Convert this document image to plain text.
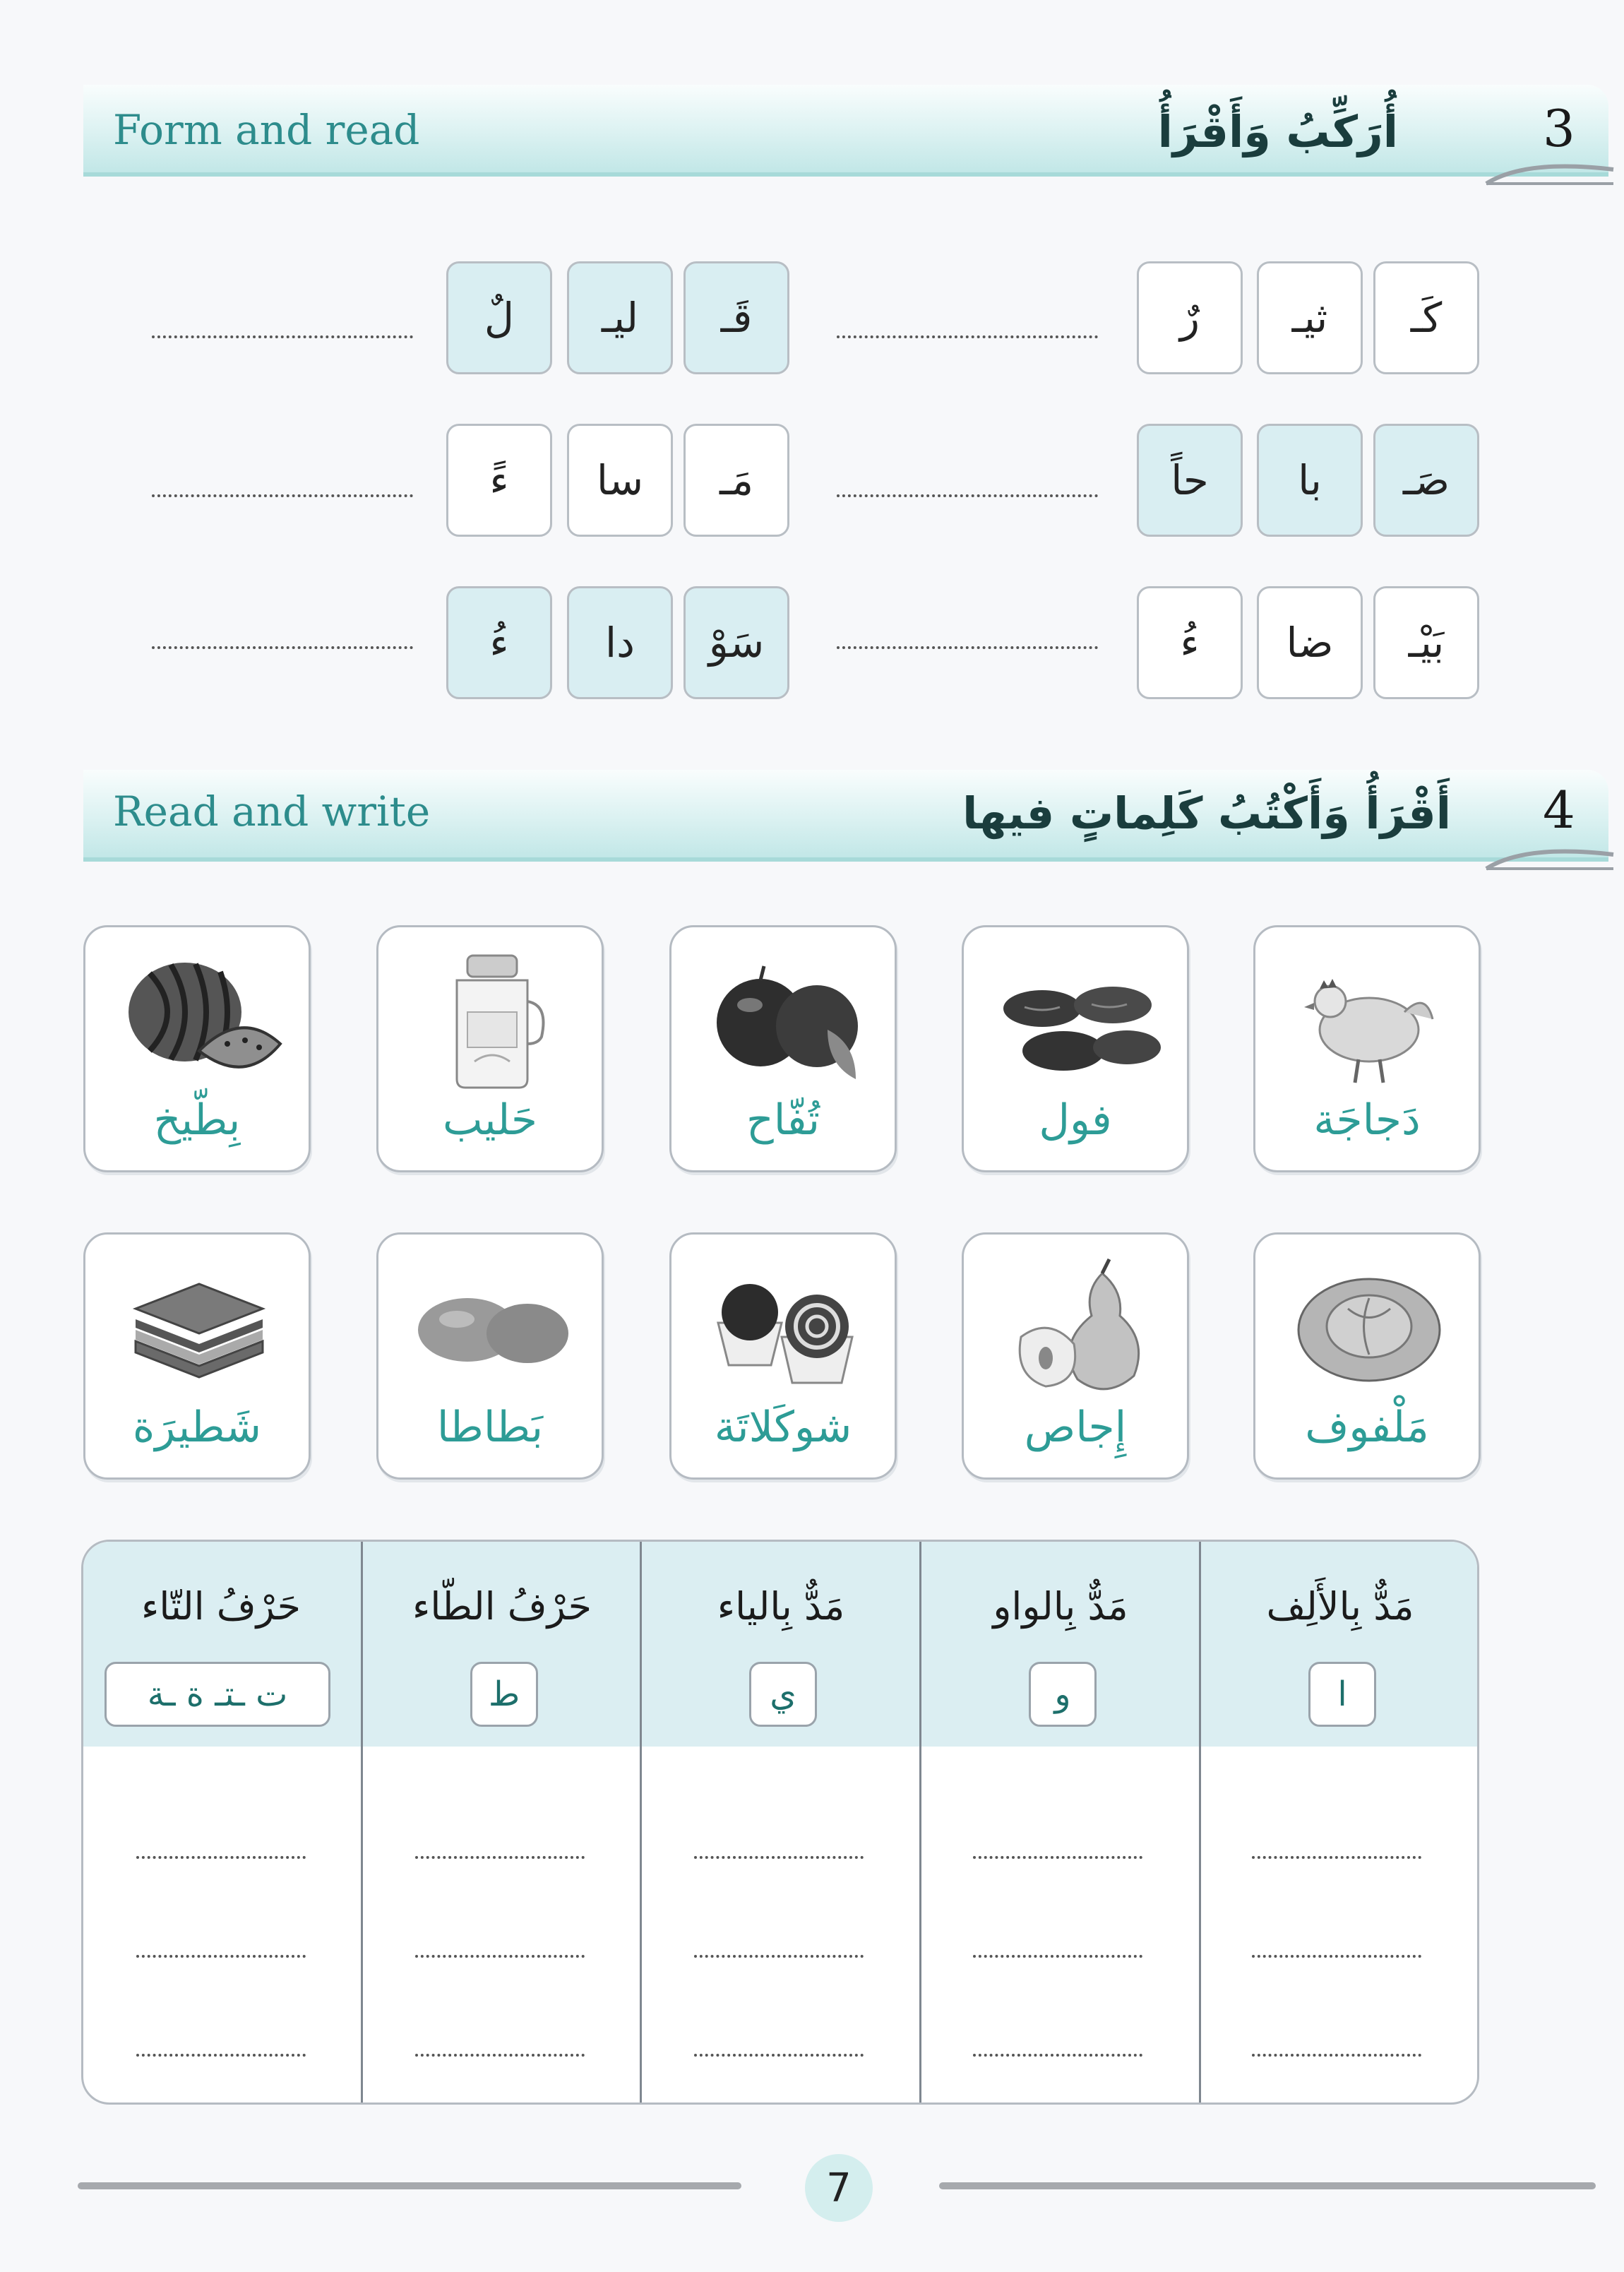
3
أُرَكِّبُ وَأَقْرَأُ
Form and read
كَـ
ثيـ
رٌ
صَـ
با
حاً
بَيْـ
ضا
ءُ
قَـ
ليـ
لٌ
مَـ
سا
ءً
سَوْ
دا
ءُ
4
أَقْرَأُ وَأَكْتُبُ كَلِماتٍ فيها
Read and write
دَجاجَة
فول
تُفّاح
حَليب
بِطّيخ
مَلْفوف
إِجاص
شوكَلاتَة
بَطاطا
شَطيرَة
مَدٌّ بِالأَلِف
مَدٌّ بِالواو
مَدٌّ بِالياء
حَرْفُ الطّاء
حَرْفُ التّاء
ا
و
ي
ط
ت ـتـ ة ـة
7
